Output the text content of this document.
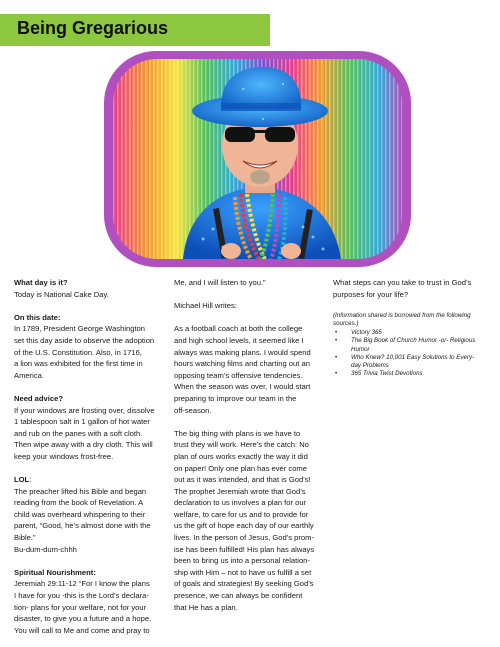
Being Gregarious

What day is it?
Today is National Cake Day.

On this date:
In 1789, President George Washington
set this day aside to observe the adoption
of the U.S. Constitution. Also, in 1716,
a lion was exhibited for the first time in
America.

Need advice?
If your windows are frosting over, dissolve
1 tablespoon salt in 1 gallon of hot water
and rub on the panes with a soft cloth.
Then wipe away with a dry cloth. This will
keep your windows frost-free.

LOL:
The preacher lifted his Bible and began
reading from the book of Revelation. A
child was overheard whispering to their
parent, “Good, he’s almost done with the
Bible.”
Bu-dum-dum-chhh

Spiritual Nourishment:
Jeremiah 29:11-12 “For I know the plans
I have for you -this is the Lord’s declara-
tion- plans for your welfare, not for your
disaster, to give you a future and a hope.
You will call to Me and come and pray to

Me, and I will listen to you.”

Michael Hill writes:

As a football coach at both the college
and high school levels, it seemed like I
always was making plans. I would spend
hours watching films and charting out an
opposing team’s offensive tendencies.
When the season was over, I would start
preparing to improve our team in the
off-season.

The big thing with plans is we have to
trust they will work. Here’s the catch: No
plan of ours works exactly the way it did
on paper! Only one plan has ever come
out as it was intended, and that is God’s!
The prophet Jeremiah wrote that God’s
declaration to us involves a plan for our
welfare, to care for us and to provide for
us the gift of hope each day of our earthly
lives. In the person of Jesus, God’s prom-
ise has been fulfilled! His plan has always
been to bring us into a personal relation-
ship with Him – not to have us fulfill a set
of goals and strategies! By seeking God’s
presence, we can always be confident
that He has a plan.

What steps can you take to trust in God’s
purposes for your life?

(Information shared is borrowed from the following
sources.)
• Victory 365
• The Big Book of Church Humor -or- Religious
Humor
• Who Knew? 10,001 Easy Solutions to Every-
day Problems
• 365 Trivia Twist Devotions
